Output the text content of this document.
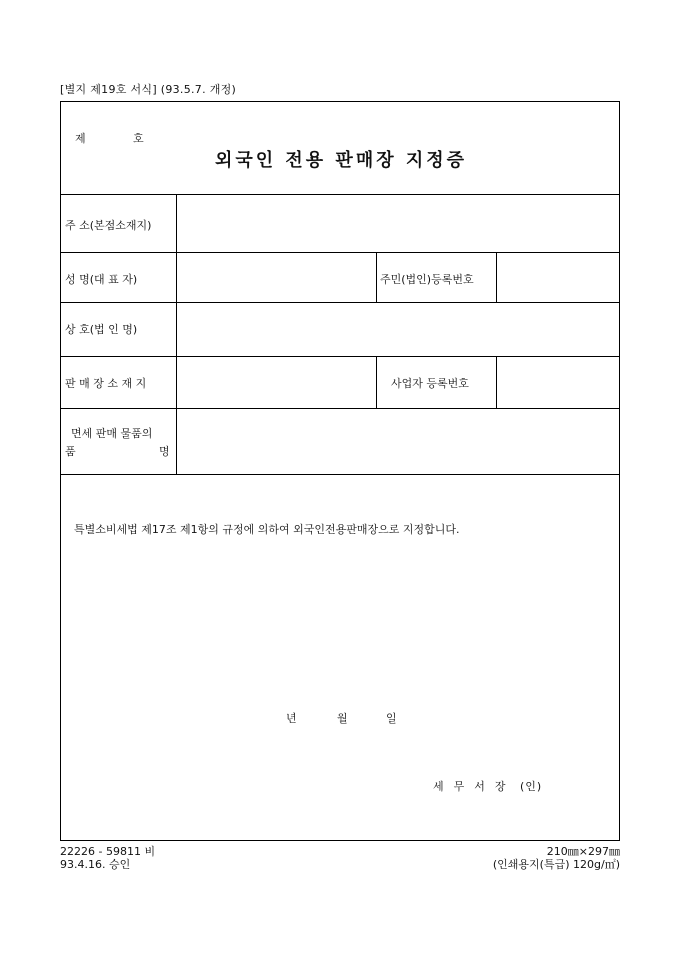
[별지 제19호 서식] (93.5.7. 개정)
제	호
외국인 전용 판매장 지정증
주 소(본점소재지)
성 명(대 표 자)	주민(법인)등록번호
상 호(법 인 명)
판 매 장 소 재 지	사업자 등록번호
면세 판매 물품의
품	명
특별소비세법 제17조 제1항의 규정에 의하여 외국인전용판매장으로 지정합니다.
년	월	일
세  무  서  장   (인)
22226 - 59811 비
93.4.16. 승인
210㎜×297㎜
(인쇄용지(특급) 120g/㎡)
